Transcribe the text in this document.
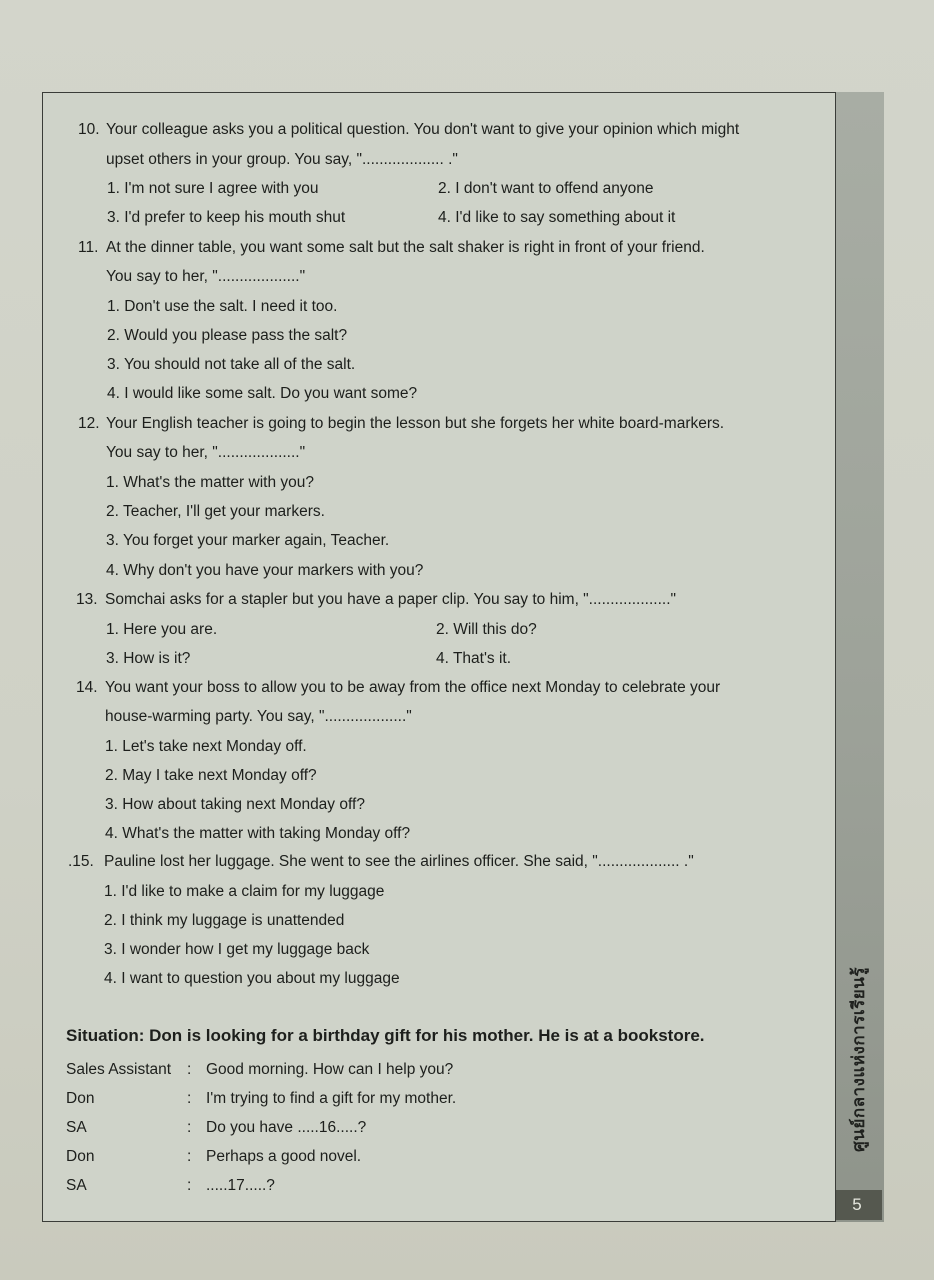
ศูนย์กลางแห่งการเรียนรู้
5
10. Your colleague asks you a political question. You don't want to give your opinion which might
upset others in your group. You say, "................... ."
1. I'm not sure I agree with you	2. I don't want to offend anyone
3. I'd prefer to keep his mouth shut	4. I'd like to say something about it
11. At the dinner table, you want some salt but the salt shaker is right in front of your friend.
You say to her, "..................."
1. Don't use the salt. I need it too.
2. Would you please pass the salt?
3. You should not take all of the salt.
4. I would like some salt. Do you want some?
12. Your English teacher is going to begin the lesson but she forgets her white board-markers.
You say to her, "..................."
1. What's the matter with you?
2. Teacher, I'll get your markers.
3. You forget your marker again, Teacher.
4. Why don't you have your markers with you?
13. Somchai asks for a stapler but you have a paper clip. You say to him, "..................."
1. Here you are.	2. Will this do?
3. How is it?	4. That's it.
14. You want your boss to allow you to be away from the office next Monday to celebrate your
house-warming party. You say, "..................."
1. Let's take next Monday off.
2. May I take next Monday off?
3. How about taking next Monday off?
4. What's the matter with taking Monday off?
.15. Pauline lost her luggage. She went to see the airlines officer. She said, "................... ."
1. I'd like to make a claim for my luggage
2. I think my luggage is unattended
3. I wonder how I get my luggage back
4. I want to question you about my luggage
Situation: Don is looking for a birthday gift for his mother. He is at a bookstore.
Sales Assistant : Good morning. How can I help you?
Don	: I'm trying to find a gift for my mother.
SA	: Do you have .....16.....?
Don	: Perhaps a good novel.
SA	: .....17.....?
